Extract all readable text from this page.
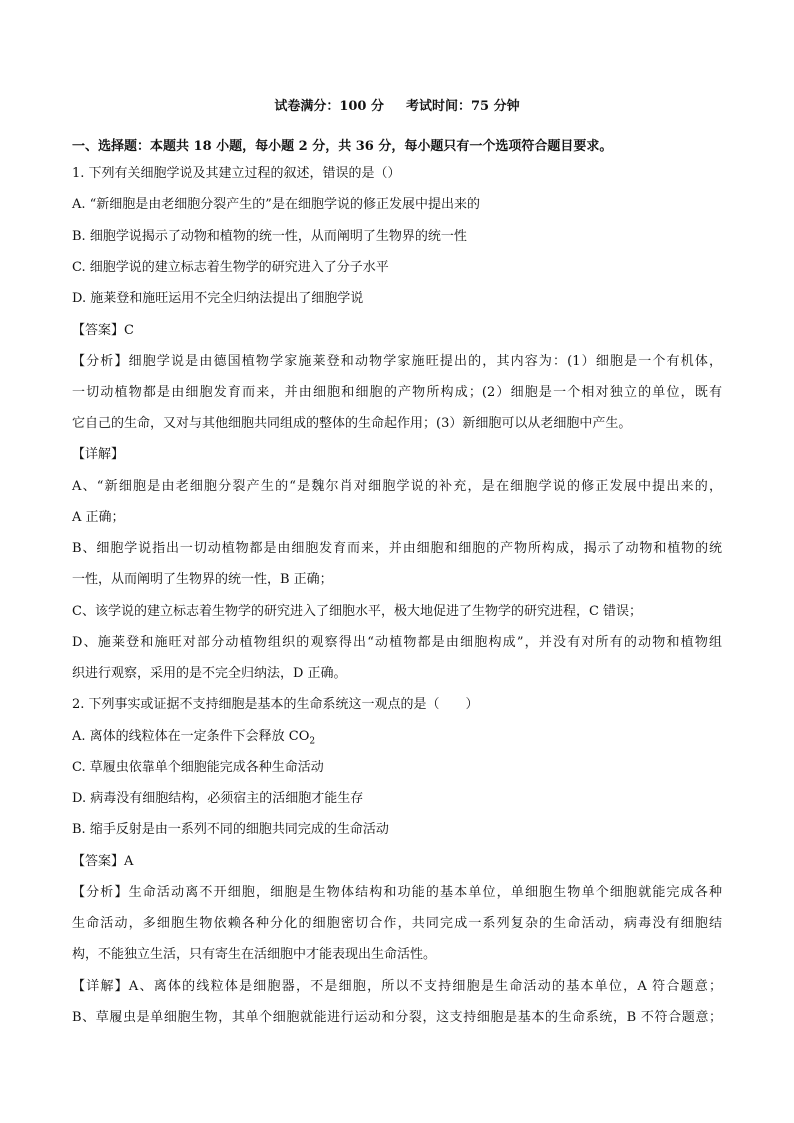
试卷满分：100 分 考试时间：75 分钟
一、选择题：本题共 18 小题，每小题 2 分，共 36 分，每小题只有一个选项符合题目要求。
1. 下列有关细胞学说及其建立过程的叙述，错误的是（）
A. “新细胞是由老细胞分裂产生的”是在细胞学说的修正发展中提出来的
B. 细胞学说揭示了动物和植物的统一性，从而阐明了生物界的统一性
C. 细胞学说的建立标志着生物学的研究进入了分子水平
D. 施莱登和施旺运用不完全归纳法提出了细胞学说
【答案】C
【分析】细胞学说是由德国植物学家施莱登和动物学家施旺提出的，其内容为：(1）细胞是一个有机体，
一切动植物都是由细胞发育而来，并由细胞和细胞的产物所构成；(2）细胞是一个相对独立的单位，既有
它自己的生命，又对与其他细胞共同组成的整体的生命起作用；(3）新细胞可以从老细胞中产生。
【详解】
A、“新细胞是由老细胞分裂产生的“是魏尔肖对细胞学说的补充，是在细胞学说的修正发展中提出来的，
A 正确；
B、细胞学说指出一切动植物都是由细胞发育而来，并由细胞和细胞的产物所构成，揭示了动物和植物的统
一性，从而阐明了生物界的统一性，B 正确；
C、该学说的建立标志着生物学的研究进入了细胞水平，极大地促进了生物学的研究进程，C 错误；
D、施莱登和施旺对部分动植物组织的观察得出“动植物都是由细胞构成”，并没有对所有的动物和植物组
织进行观察，采用的是不完全归纳法，D 正确。
2. 下列事实或证据不支持细胞是基本的生命系统这一观点的是（　　）
A. 离体的线粒体在一定条件下会释放 $CO_2$
C. 草履虫依靠单个细胞能完成各种生命活动
D. 病毒没有细胞结构，必须宿主的活细胞才能生存
B. 缩手反射是由一系列不同的细胞共同完成的生命活动
【答案】A
【分析】生命活动离不开细胞，细胞是生物体结构和功能的基本单位，单细胞生物单个细胞就能完成各种
生命活动，多细胞生物依赖各种分化的细胞密切合作，共同完成一系列复杂的生命活动，病毒没有细胞结
构，不能独立生活，只有寄生在活细胞中才能表现出生命活性。
【详解】A、离体的线粒体是细胞器，不是细胞，所以不支持细胞是生命活动的基本单位，A 符合题意；
B、草履虫是单细胞生物，其单个细胞就能进行运动和分裂，这支持细胞是基本的生命系统，B 不符合题意；
